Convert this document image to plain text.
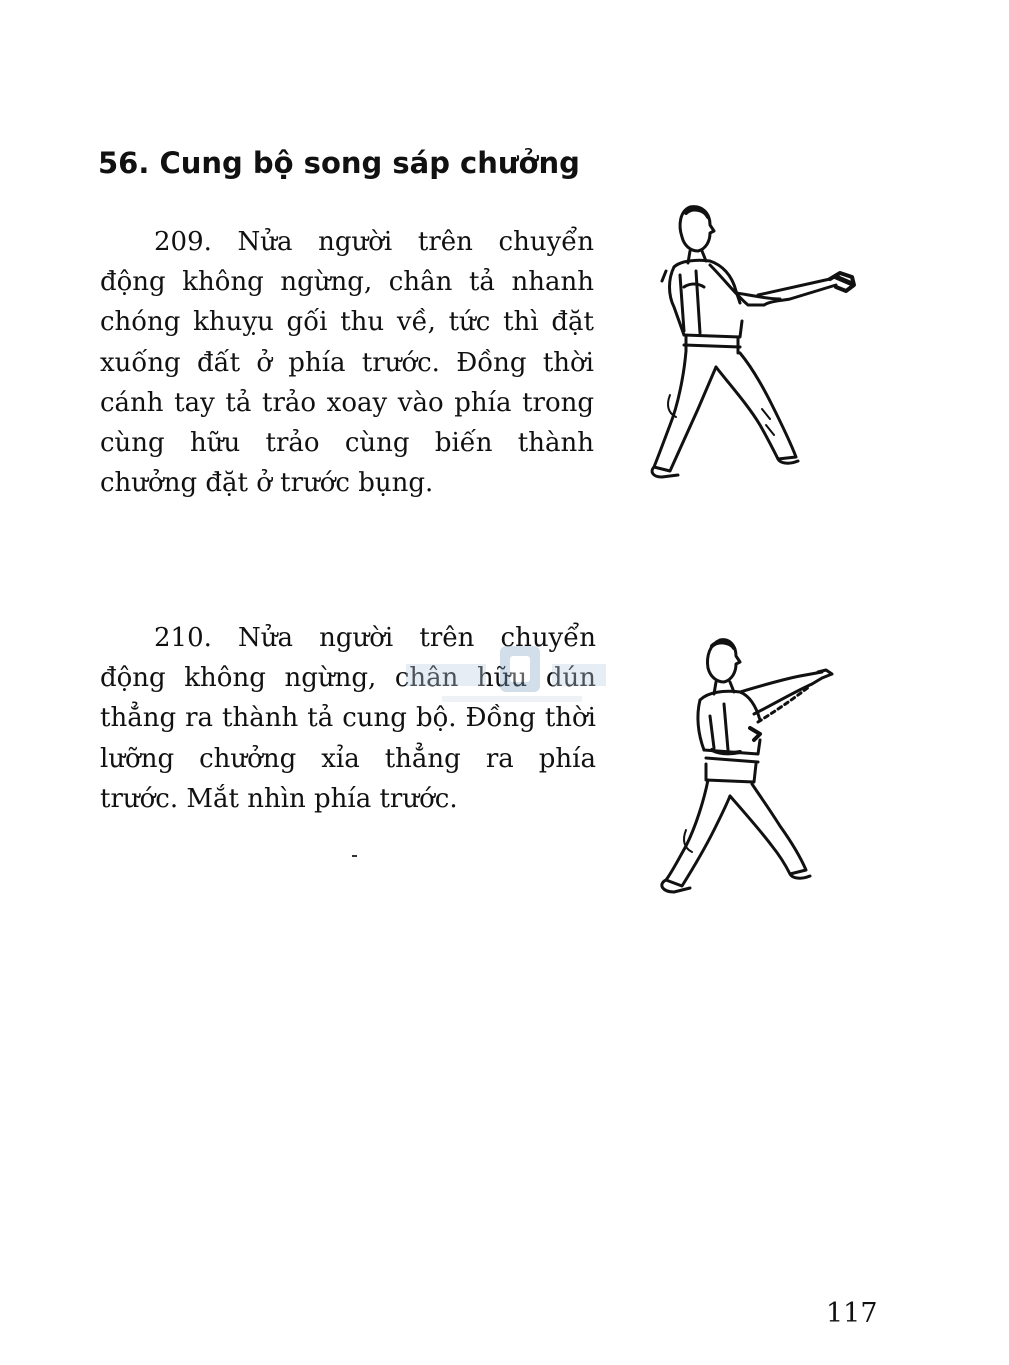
56. Cung bộ song sáp chưởng

209. Nửa người trên chuyển động không ngừng, chân tả nhanh chóng khuỵu gối thu về, tức thì đặt xuống đất ở phía trước. Đồng thời cánh tay tả trảo xoay vào phía trong cùng hữu trảo cùng biến thành chưởng đặt ở trước bụng.

210. Nửa người trên chuyển động không ngừng, chân hữu dún thẳng ra thành tả cung bộ. Đồng thời lưỡng chưởng xỉa thẳng ra phía trước. Mắt nhìn phía trước.

117
